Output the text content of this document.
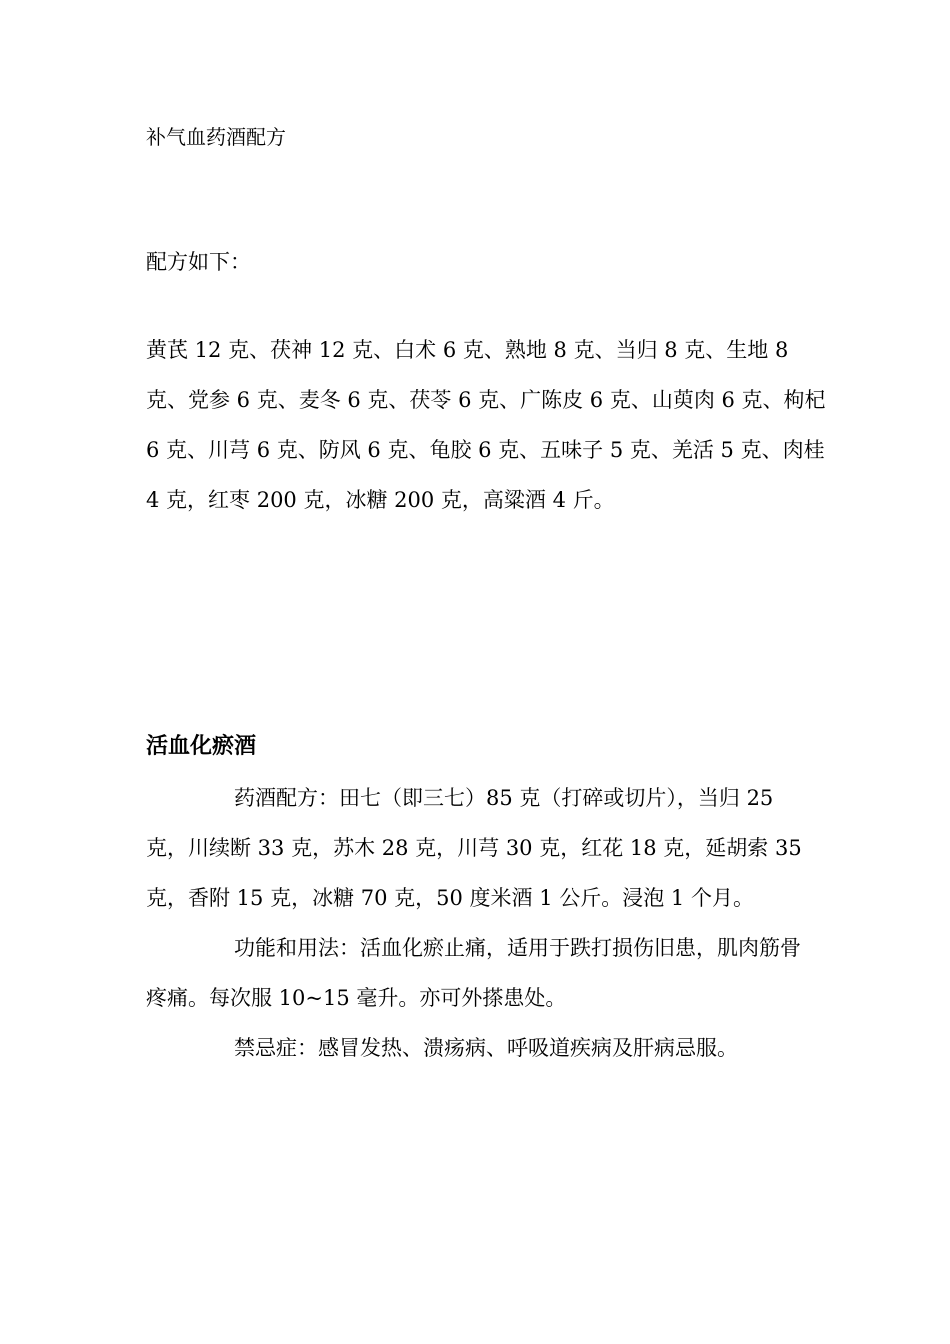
补气血药酒配方
配方如下：
黄芪 12 克、茯神 12 克、白术 6 克、熟地 8 克、当归 8 克、生地 8 克、党参 6 克、麦冬 6 克、茯苓 6 克、广陈皮 6 克、山萸肉 6 克、枸杞 6 克、川芎 6 克、防风 6 克、龟胶 6 克、五味子 5 克、羌活 5 克、肉桂 4 克，红枣 200 克，冰糖 200 克，高粱酒 4 斤。
活血化瘀酒

药酒配方：田七（即三七）85 克（打碎或切片），当归 25 克，川续断 33 克，苏木 28 克，川芎 30 克，红花 18 克，延胡索 35 克，香附 15 克，冰糖 70 克，50 度米酒 1 公斤。浸泡 1 个月。

功能和用法：活血化瘀止痛，适用于跌打损伤旧患，肌肉筋骨疼痛。每次服 10~15 毫升。亦可外搽患处。

禁忌症：感冒发热、溃疡病、呼吸道疾病及肝病忌服。
